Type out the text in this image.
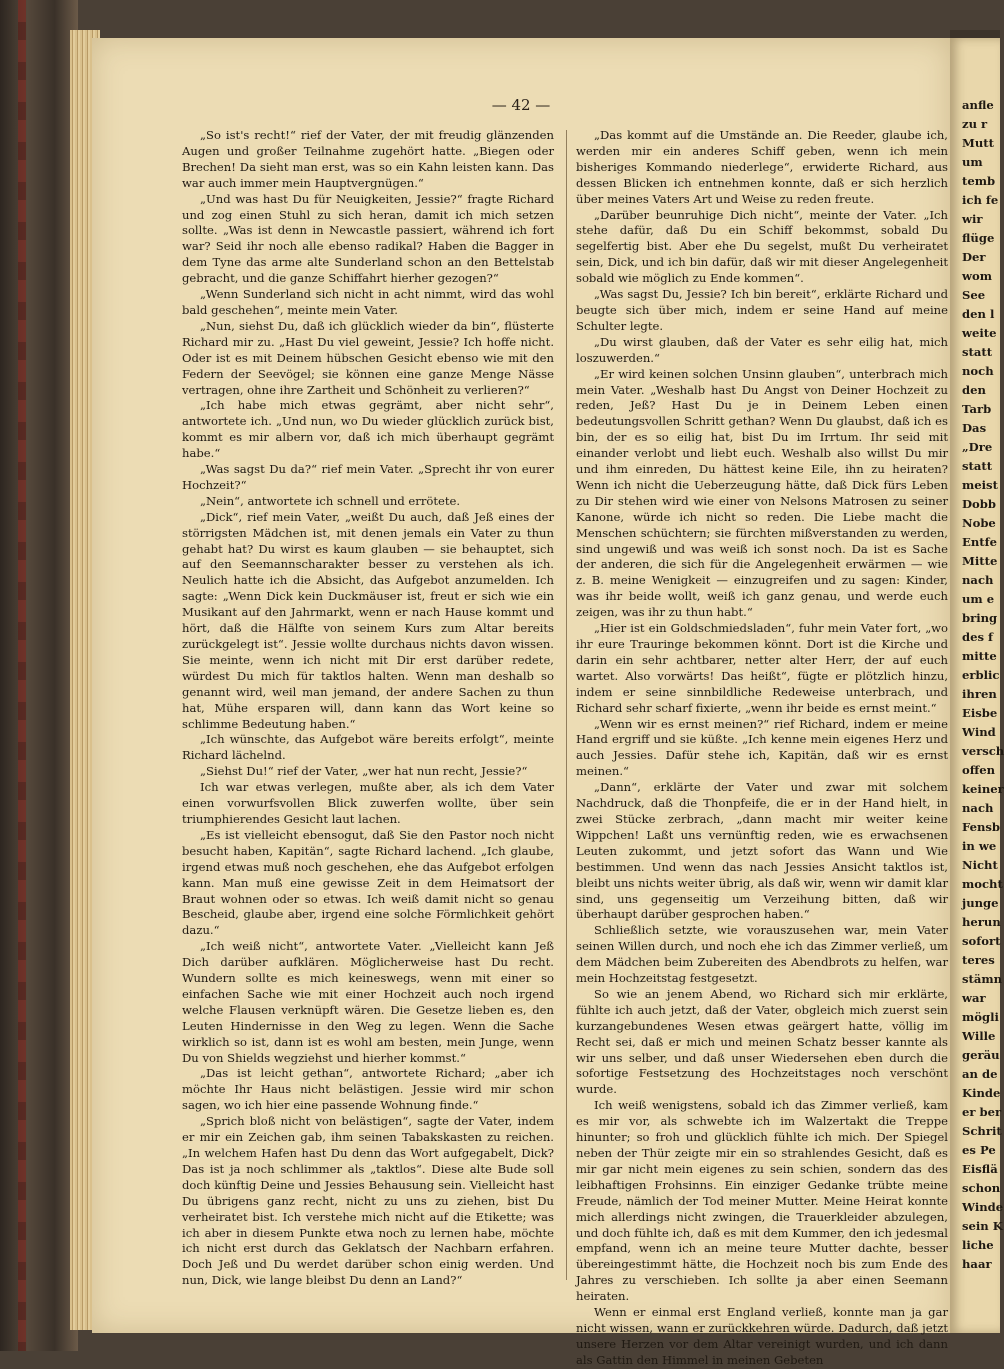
— 42 —

„So ist's recht!“ rief der Vater, der mit freudig glänzenden Augen und großer Teilnahme zugehört hatte. „Biegen oder Brechen! Da sieht man erst, was so ein Kahn leisten kann. Das war auch immer mein Hauptvergnügen.“

„Und was hast Du für Neuigkeiten, Jessie?“ fragte Richard und zog einen Stuhl zu sich heran, damit ich mich setzen sollte. „Was ist denn in Newcastle passiert, während ich fort war? Seid ihr noch alle ebenso radikal? Haben die Bagger in dem Tyne das arme alte Sunderland schon an den Bettelstab gebracht, und die ganze Schiffahrt hierher gezogen?“

„Wenn Sunderland sich nicht in acht nimmt, wird das wohl bald geschehen“, meinte mein Vater.

„Nun, siehst Du, daß ich glücklich wieder da bin“, flüsterte Richard mir zu. „Hast Du viel geweint, Jessie? Ich hoffe nicht. Oder ist es mit Deinem hübschen Gesicht ebenso wie mit den Federn der Seevögel; sie können eine ganze Menge Nässe vertragen, ohne ihre Zartheit und Schönheit zu verlieren?“

„Ich habe mich etwas gegrämt, aber nicht sehr“, antwortete ich. „Und nun, wo Du wieder glücklich zurück bist, kommt es mir albern vor, daß ich mich überhaupt gegrämt habe.“

„Was sagst Du da?“ rief mein Vater. „Sprecht ihr von eurer Hochzeit?“

„Nein“, antwortete ich schnell und errötete.

„Dick“, rief mein Vater, „weißt Du auch, daß Jeß eines der störrigsten Mädchen ist, mit denen jemals ein Vater zu thun gehabt hat? Du wirst es kaum glauben — sie behauptet, sich auf den Seemannscharakter besser zu verstehen als ich. Neulich hatte ich die Absicht, das Aufgebot anzumelden. Ich sagte: „Wenn Dick kein Duckmäuser ist, freut er sich wie ein Musikant auf den Jahrmarkt, wenn er nach Hause kommt und hört, daß die Hälfte von seinem Kurs zum Altar bereits zurückgelegt ist“. Jessie wollte durchaus nichts davon wissen. Sie meinte, wenn ich nicht mit Dir erst darüber redete, würdest Du mich für taktlos halten. Wenn man deshalb so genannt wird, weil man jemand, der andere Sachen zu thun hat, Mühe ersparen will, dann kann das Wort keine so schlimme Bedeutung haben.“

„Ich wünschte, das Aufgebot wäre bereits erfolgt“, meinte Richard lächelnd.

„Siehst Du!“ rief der Vater, „wer hat nun recht, Jessie?“

Ich war etwas verlegen, mußte aber, als ich dem Vater einen vorwurfsvollen Blick zuwerfen wollte, über sein triumphierendes Gesicht laut lachen.

„Es ist vielleicht ebensogut, daß Sie den Pastor noch nicht besucht haben, Kapitän“, sagte Richard lachend. „Ich glaube, irgend etwas muß noch geschehen, ehe das Aufgebot erfolgen kann. Man muß eine gewisse Zeit in dem Heimatsort der Braut wohnen oder so etwas. Ich weiß damit nicht so genau Bescheid, glaube aber, irgend eine solche Förmlichkeit gehört dazu.“

„Ich weiß nicht“, antwortete Vater. „Vielleicht kann Jeß Dich darüber aufklären. Möglicherweise hast Du recht. Wundern sollte es mich keineswegs, wenn mit einer so einfachen Sache wie mit einer Hochzeit auch noch irgend welche Flausen verknüpft wären. Die Gesetze lieben es, den Leuten Hindernisse in den Weg zu legen. Wenn die Sache wirklich so ist, dann ist es wohl am besten, mein Junge, wenn Du von Shields wegziehst und hierher kommst.“

„Das ist leicht gethan“, antwortete Richard; „aber ich möchte Ihr Haus nicht belästigen. Jessie wird mir schon sagen, wo ich hier eine passende Wohnung finde.“

„Sprich bloß nicht von belästigen“, sagte der Vater, indem er mir ein Zeichen gab, ihm seinen Tabakskasten zu reichen. „In welchem Hafen hast Du denn das Wort aufgegabelt, Dick? Das ist ja noch schlimmer als „taktlos“. Diese alte Bude soll doch künftig Deine und Jessies Behausung sein. Vielleicht hast Du übrigens ganz recht, nicht zu uns zu ziehen, bist Du verheiratet bist. Ich verstehe mich nicht auf die Etikette; was ich aber in diesem Punkte etwa noch zu lernen habe, möchte ich nicht erst durch das Geklatsch der Nachbarn erfahren. Doch Jeß und Du werdet darüber schon einig werden. Und nun, Dick, wie lange bleibst Du denn an Land?“

„Das kommt auf die Umstände an. Die Reeder, glaube ich, werden mir ein anderes Schiff geben, wenn ich mein bisheriges Kommando niederlege“, erwiderte Richard, aus dessen Blicken ich entnehmen konnte, daß er sich herzlich über meines Vaters Art und Weise zu reden freute.

„Darüber beunruhige Dich nicht“, meinte der Vater. „Ich stehe dafür, daß Du ein Schiff bekommst, sobald Du segelfertig bist. Aber ehe Du segelst, mußt Du verheiratet sein, Dick, und ich bin dafür, daß wir mit dieser Angelegenheit sobald wie möglich zu Ende kommen“.

„Was sagst Du, Jessie? Ich bin bereit“, erklärte Richard und beugte sich über mich, indem er seine Hand auf meine Schulter legte.

„Du wirst glauben, daß der Vater es sehr eilig hat, mich loszuwerden.“

„Er wird keinen solchen Unsinn glauben“, unterbrach mich mein Vater. „Weshalb hast Du Angst von Deiner Hochzeit zu reden, Jeß? Hast Du je in Deinem Leben einen bedeutungsvollen Schritt gethan? Wenn Du glaubst, daß ich es bin, der es so eilig hat, bist Du im Irrtum. Ihr seid mit einander verlobt und liebt euch. Weshalb also willst Du mir und ihm einreden, Du hättest keine Eile, ihn zu heiraten? Wenn ich nicht die Ueberzeugung hätte, daß Dick fürs Leben zu Dir stehen wird wie einer von Nelsons Matrosen zu seiner Kanone, würde ich nicht so reden. Die Liebe macht die Menschen schüchtern; sie fürchten mißverstanden zu werden, sind ungewiß und was weiß ich sonst noch. Da ist es Sache der anderen, die sich für die Angelegenheit erwärmen — wie z. B. meine Wenigkeit — einzugreifen und zu sagen: Kinder, was ihr beide wollt, weiß ich ganz genau, und werde euch zeigen, was ihr zu thun habt.“

„Hier ist ein Goldschmiedsladen“, fuhr mein Vater fort, „wo ihr eure Trauringe bekommen könnt. Dort ist die Kirche und darin ein sehr achtbarer, netter alter Herr, der auf euch wartet. Also vorwärts! Das heißt“, fügte er plötzlich hinzu, indem er seine sinnbildliche Redeweise unterbrach, und Richard sehr scharf fixierte, „wenn ihr beide es ernst meint.“

„Wenn wir es ernst meinen?“ rief Richard, indem er meine Hand ergriff und sie küßte. „Ich kenne mein eigenes Herz und auch Jessies. Dafür stehe ich, Kapitän, daß wir es ernst meinen.“

„Dann“, erklärte der Vater und zwar mit solchem Nachdruck, daß die Thonpfeife, die er in der Hand hielt, in zwei Stücke zerbrach, „dann macht mir weiter keine Wippchen! Laßt uns vernünftig reden, wie es erwachsenen Leuten zukommt, und jetzt sofort das Wann und Wie bestimmen. Und wenn das nach Jessies Ansicht taktlos ist, bleibt uns nichts weiter übrig, als daß wir, wenn wir damit klar sind, uns gegenseitig um Verzeihung bitten, daß wir überhaupt darüber gesprochen haben.“

Schließlich setzte, wie vorauszusehen war, mein Vater seinen Willen durch, und noch ehe ich das Zimmer verließ, um dem Mädchen beim Zubereiten des Abendbrots zu helfen, war mein Hochzeitstag festgesetzt.

So wie an jenem Abend, wo Richard sich mir erklärte, fühlte ich auch jetzt, daß der Vater, obgleich mich zuerst sein kurzangebundenes Wesen etwas geärgert hatte, völlig im Recht sei, daß er mich und meinen Schatz besser kannte als wir uns selber, und daß unser Wiedersehen eben durch die sofortige Festsetzung des Hochzeitstages noch verschönt wurde.

Ich weiß wenigstens, sobald ich das Zimmer verließ, kam es mir vor, als schwebte ich im Walzertakt die Treppe hinunter; so froh und glücklich fühlte ich mich. Der Spiegel neben der Thür zeigte mir ein so strahlendes Gesicht, daß es mir gar nicht mein eigenes zu sein schien, sondern das des leibhaftigen Frohsinns. Ein einziger Gedanke trübte meine Freude, nämlich der Tod meiner Mutter. Meine Heirat konnte mich allerdings nicht zwingen, die Trauerkleider abzulegen, und doch fühlte ich, daß es mit dem Kummer, den ich jedesmal empfand, wenn ich an meine teure Mutter dachte, besser übereingestimmt hätte, die Hochzeit noch bis zum Ende des Jahres zu verschieben. Ich sollte ja aber einen Seemann heiraten.

Wenn er einmal erst England verließ, konnte man ja gar nicht wissen, wann er zurückkehren würde. Dadurch, daß jetzt unsere Herzen vor dem Altar vereinigt wurden, und ich dann als Gattin den Himmel in meinen Gebeten

anfle
zu r
Mutt
um
temb
ich fe
wir
flüge
Der
wom
See
den l
weite
statt
noch
den
Tarb
Das
„Dre
statt
meist
Dobb
Nobe
Entfe
Mitte
nach
um e
bring
des f
mitte
erblic
ihren
Eisbe
Wind
versch
offen
keiner
nach
Fensb
in we
Nicht
mocht
junge
herun
sofort
teres
stämn
war
mögli
Wille
geräu
an de
Kinde
er ber
Schrit
es Pe
Eisflä
schon
Winde
sein K
liche
haar
